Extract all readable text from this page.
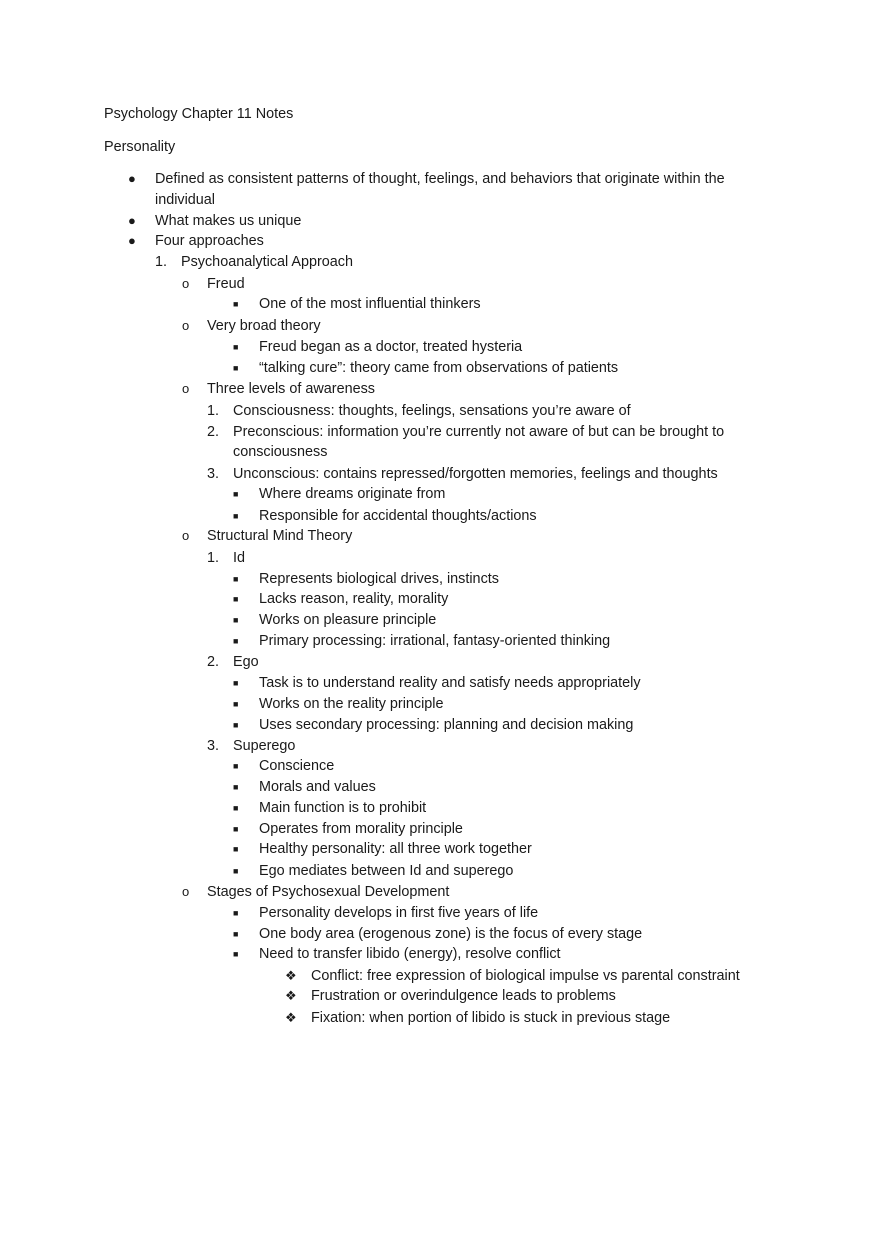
Psychology Chapter 11 Notes
Personality
● Defined as consistent patterns of thought, feelings, and behaviors that originate within the
individual
● What makes us unique
● Four approaches
1. Psychoanalytical Approach
o Freud
■ One of the most influential thinkers
o Very broad theory
■ Freud began as a doctor, treated hysteria
■ “talking cure”: theory came from observations of patients
o Three levels of awareness
1. Consciousness: thoughts, feelings, sensations you’re aware of
2. Preconscious: information you’re currently not aware of but can be brought to
consciousness
3. Unconscious: contains repressed/forgotten memories, feelings and thoughts
■ Where dreams originate from
■ Responsible for accidental thoughts/actions
o Structural Mind Theory
1. Id
■ Represents biological drives, instincts
■ Lacks reason, reality, morality
■ Works on pleasure principle
■ Primary processing: irrational, fantasy-oriented thinking
2. Ego
■ Task is to understand reality and satisfy needs appropriately
■ Works on the reality principle
■ Uses secondary processing: planning and decision making
3. Superego
■ Conscience
■ Morals and values
■ Main function is to prohibit
■ Operates from morality principle
■ Healthy personality: all three work together
■ Ego mediates between Id and superego
o Stages of Psychosexual Development
■ Personality develops in first five years of life
■ One body area (erogenous zone) is the focus of every stage
■ Need to transfer libido (energy), resolve conflict
❖ Conflict: free expression of biological impulse vs parental constraint
❖ Frustration or overindulgence leads to problems
❖ Fixation: when portion of libido is stuck in previous stage
